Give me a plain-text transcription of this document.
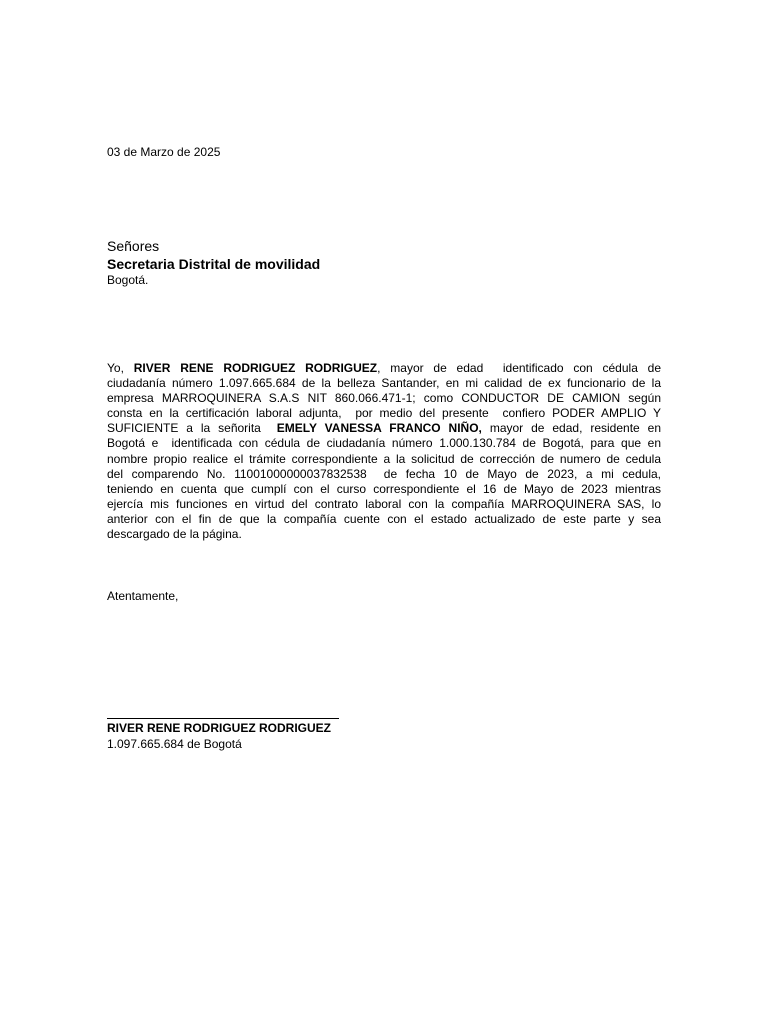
03 de Marzo de 2025
Señores
Secretaria Distrital de movilidad
Bogotá.
Yo, RIVER RENE RODRIGUEZ RODRIGUEZ, mayor de edad  identificado con cédula de
ciudadanía número 1.097.665.684 de la belleza Santander, en mi calidad de ex funcionario de la
empresa MARROQUINERA S.A.S NIT 860.066.471-1; como CONDUCTOR DE CAMION según
consta en la certificación laboral adjunta,  por medio del presente  confiero PODER AMPLIO Y
SUFICIENTE a la señorita  EMELY VANESSA FRANCO NIÑO, mayor de edad, residente en
Bogotá e  identificada con cédula de ciudadanía número 1.000.130.784 de Bogotá, para que en
nombre propio realice el trámite correspondiente a la solicitud de corrección de numero de cedula
del comparendo No. 11001000000037832538  de fecha 10 de Mayo de 2023, a mi cedula,
teniendo en cuenta que cumplí con el curso correspondiente el 16 de Mayo de 2023 mientras
ejercía mis funciones en virtud del contrato laboral con la compañía MARROQUINERA SAS, lo
anterior con el fin de que la compañía cuente con el estado actualizado de este parte y sea
descargado de la página.
Atentamente,
RIVER RENE RODRIGUEZ RODRIGUEZ
1.097.665.684 de Bogotá
